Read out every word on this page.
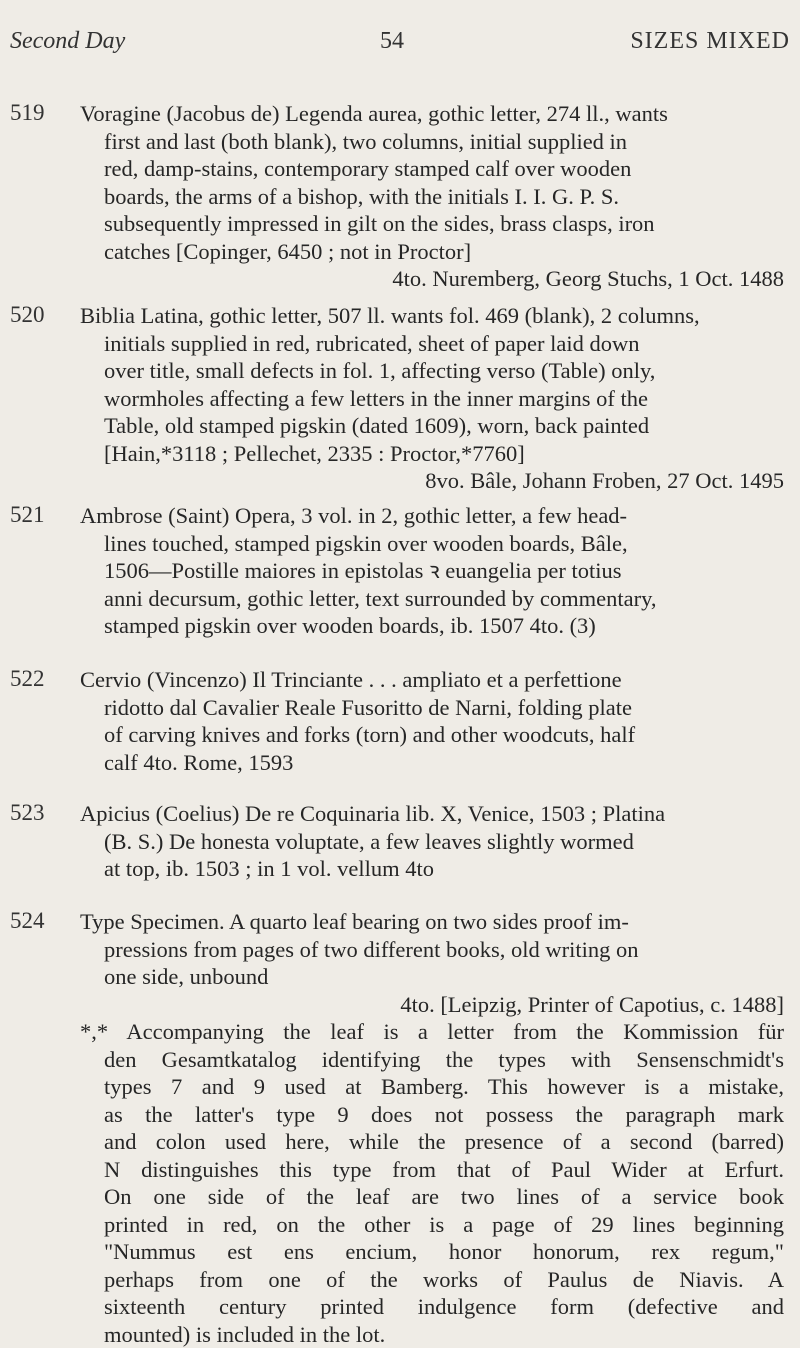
Second Day	54	SIZES MIXED
519 Voragine (Jacobus de) Legenda aurea, gothic letter, 274 ll., wants
first and last (both blank), two columns, initial supplied in
red, damp-stains, contemporary stamped calf over wooden
boards, the arms of a bishop, with the initials I. I. G. P. S.
subsequently impressed in gilt on the sides, brass clasps, iron
catches [Copinger, 6450 ; not in Proctor]
4to. Nuremberg, Georg Stuchs, 1 Oct. 1488
520 Biblia Latina, gothic letter, 507 ll. wants fol. 469 (blank), 2 columns,
initials supplied in red, rubricated, sheet of paper laid down
over title, small defects in fol. 1, affecting verso (Table) only,
wormholes affecting a few letters in the inner margins of the
Table, old stamped pigskin (dated 1609), worn, back painted
[Hain,*3118 ; Pellechet, 2335 : Proctor,*7760]
8vo. Bâle, Johann Froben, 27 Oct. 1495
521 Ambrose (Saint) Opera, 3 vol. in 2, gothic letter, a few head-
lines touched, stamped pigskin over wooden boards, Bâle,
1506—Postille maiores in epistolas ꝛ euangelia per totius
anni decursum, gothic letter, text surrounded by commentary,
stamped pigskin over wooden boards, ib. 1507 4to. (3)
522 Cervio (Vincenzo) Il Trinciante . . . ampliato et a perfettione
ridotto dal Cavalier Reale Fusoritto de Narni, folding plate
of carving knives and forks (torn) and other woodcuts, half
calf 4to. Rome, 1593
523 Apicius (Coelius) De re Coquinaria lib. X, Venice, 1503 ; Platina
(B. S.) De honesta voluptate, a few leaves slightly wormed
at top, ib. 1503 ; in 1 vol. vellum 4to
524 Type Specimen. A quarto leaf bearing on two sides proof im-
pressions from pages of two different books, old writing on
one side, unbound
4to. [Leipzig, Printer of Capotius, c. 1488]
*,* Accompanying the leaf is a letter from the Kommission für
den Gesamtkatalog identifying the types with Sensenschmidt's
types 7 and 9 used at Bamberg. This however is a mistake,
as the latter's type 9 does not possess the paragraph mark
and colon used here, while the presence of a second (barred)
N distinguishes this type from that of Paul Wider at Erfurt.
On one side of the leaf are two lines of a service book
printed in red, on the other is a page of 29 lines beginning
"Nummus est ens encium, honor honorum, rex regum,"
perhaps from one of the works of Paulus de Niavis. A
sixteenth century printed indulgence form (defective and
mounted) is included in the lot.
